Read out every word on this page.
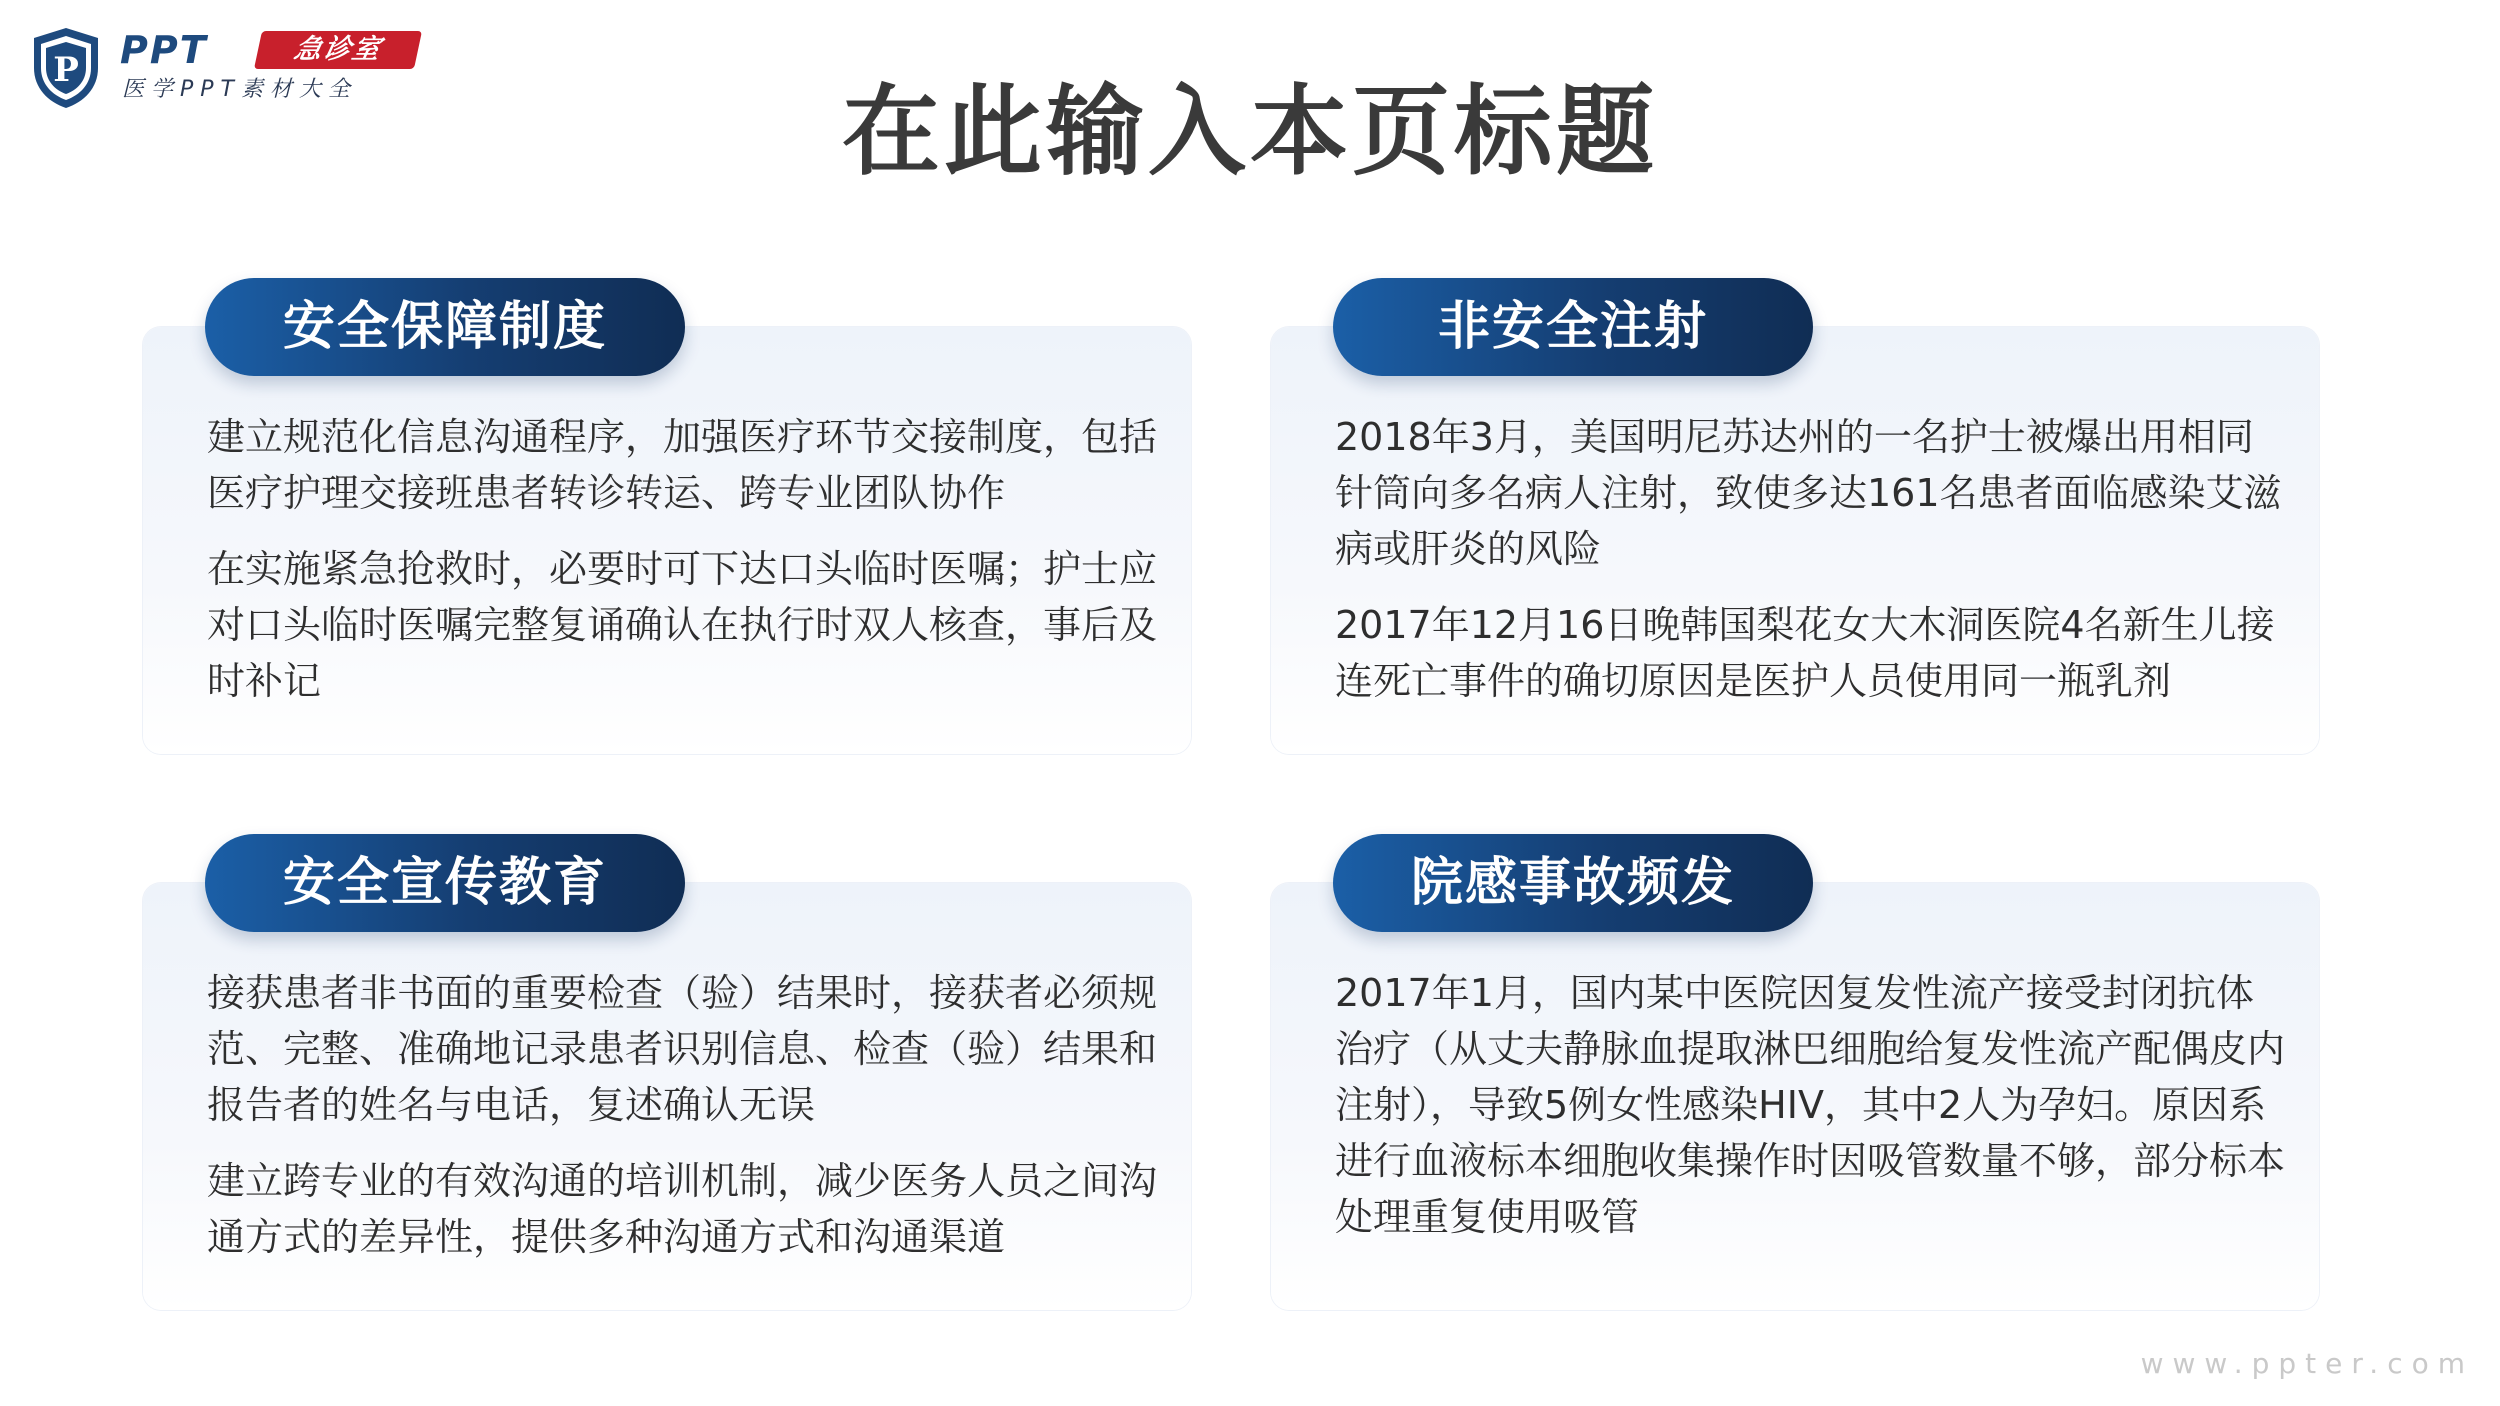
P PPT	急诊室
医学PPT素材大全	在此输入本页标题
安全保障制度

建立规范化信息沟通程序，加强医疗环节交接制度，包括医疗护理交接班患者转诊转运、跨专业团队协作

在实施紧急抢救时，必要时可下达口头临时医嘱；护士应对口头临时医嘱完整复诵确认在执行时双人核查，事后及时补记

非安全注射

2018年3月，美国明尼苏达州的一名护士被爆出用相同针筒向多名病人注射，致使多达161名患者面临感染艾滋病或肝炎的风险

2017年12月16日晚韩国梨花女大木洞医院4名新生儿接连死亡事件的确切原因是医护人员使用同一瓶乳剂

安全宣传教育

接获患者非书面的重要检查（验）结果时，接获者必须规范、完整、准确地记录患者识别信息、检查（验）结果和报告者的姓名与电话，复述确认无误

建立跨专业的有效沟通的培训机制，减少医务人员之间沟通方式的差异性，提供多种沟通方式和沟通渠道

院感事故频发

2017年1月，国内某中医院因复发性流产接受封闭抗体治疗（从丈夫静脉血提取淋巴细胞给复发性流产配偶皮内注射），导致5例女性感染HIV，其中2人为孕妇。原因系进行血液标本细胞收集操作时因吸管数量不够，部分标本处理重复使用吸管

www.ppter.com
